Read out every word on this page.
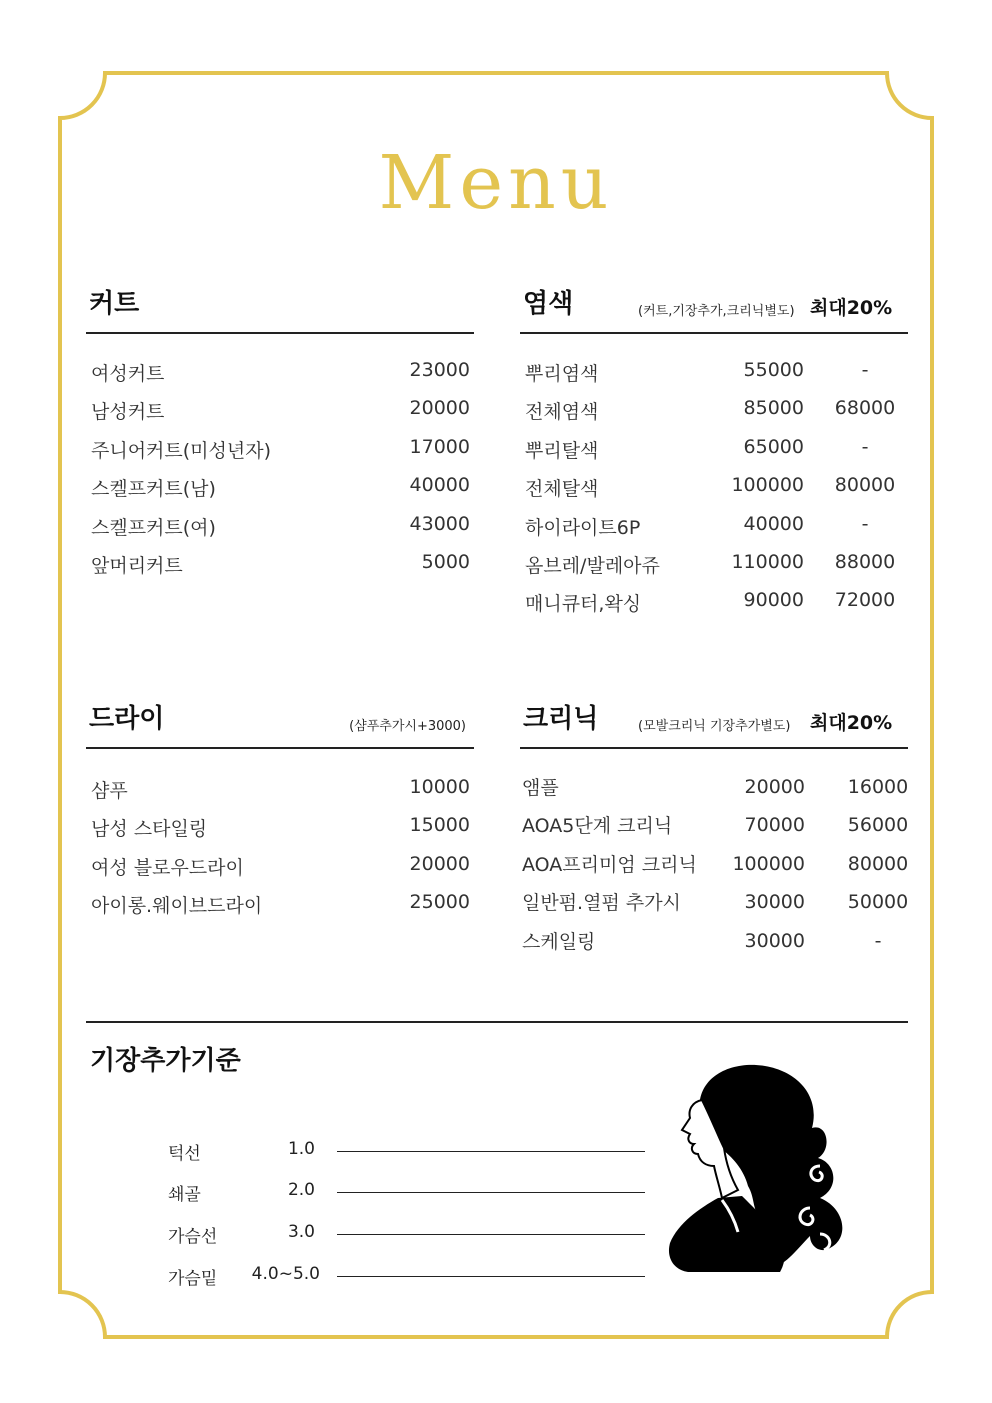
Menu
커트
여성커트	23000
남성커트	20000
주니어커트(미성년자)	17000
스켈프커트(남)	40000
스켈프커트(여)	43000
앞머리커트	5000
염색	(커트,기장추가,크리닉별도) 최대20%
뿌리염색	55000	-
전체염색	85000 68000
뿌리탈색	65000	-
전체탈색	100000 80000
하이라이트6P	40000	-
옴브레/발레아쥬	110000 88000
매니큐터,왁싱	90000 72000
드라이	(샴푸추가시+3000)
샴푸	10000
남성 스타일링	15000
여성 블로우드라이	20000
아이롱.웨이브드라이	25000
크리닉	(모발크리닉 기장추가별도) 최대20%
앰플	20000	16000
AOA5단계 크리닉	70000	56000
AOA프리미엄 크리닉 100000	80000
일반펌.열펌 추가시	30000	50000
스케일링	30000	-
기장추가기준
턱선	1.0
쇄골	2.0
가슴선	3.0
가슴밑 4.0~5.0
